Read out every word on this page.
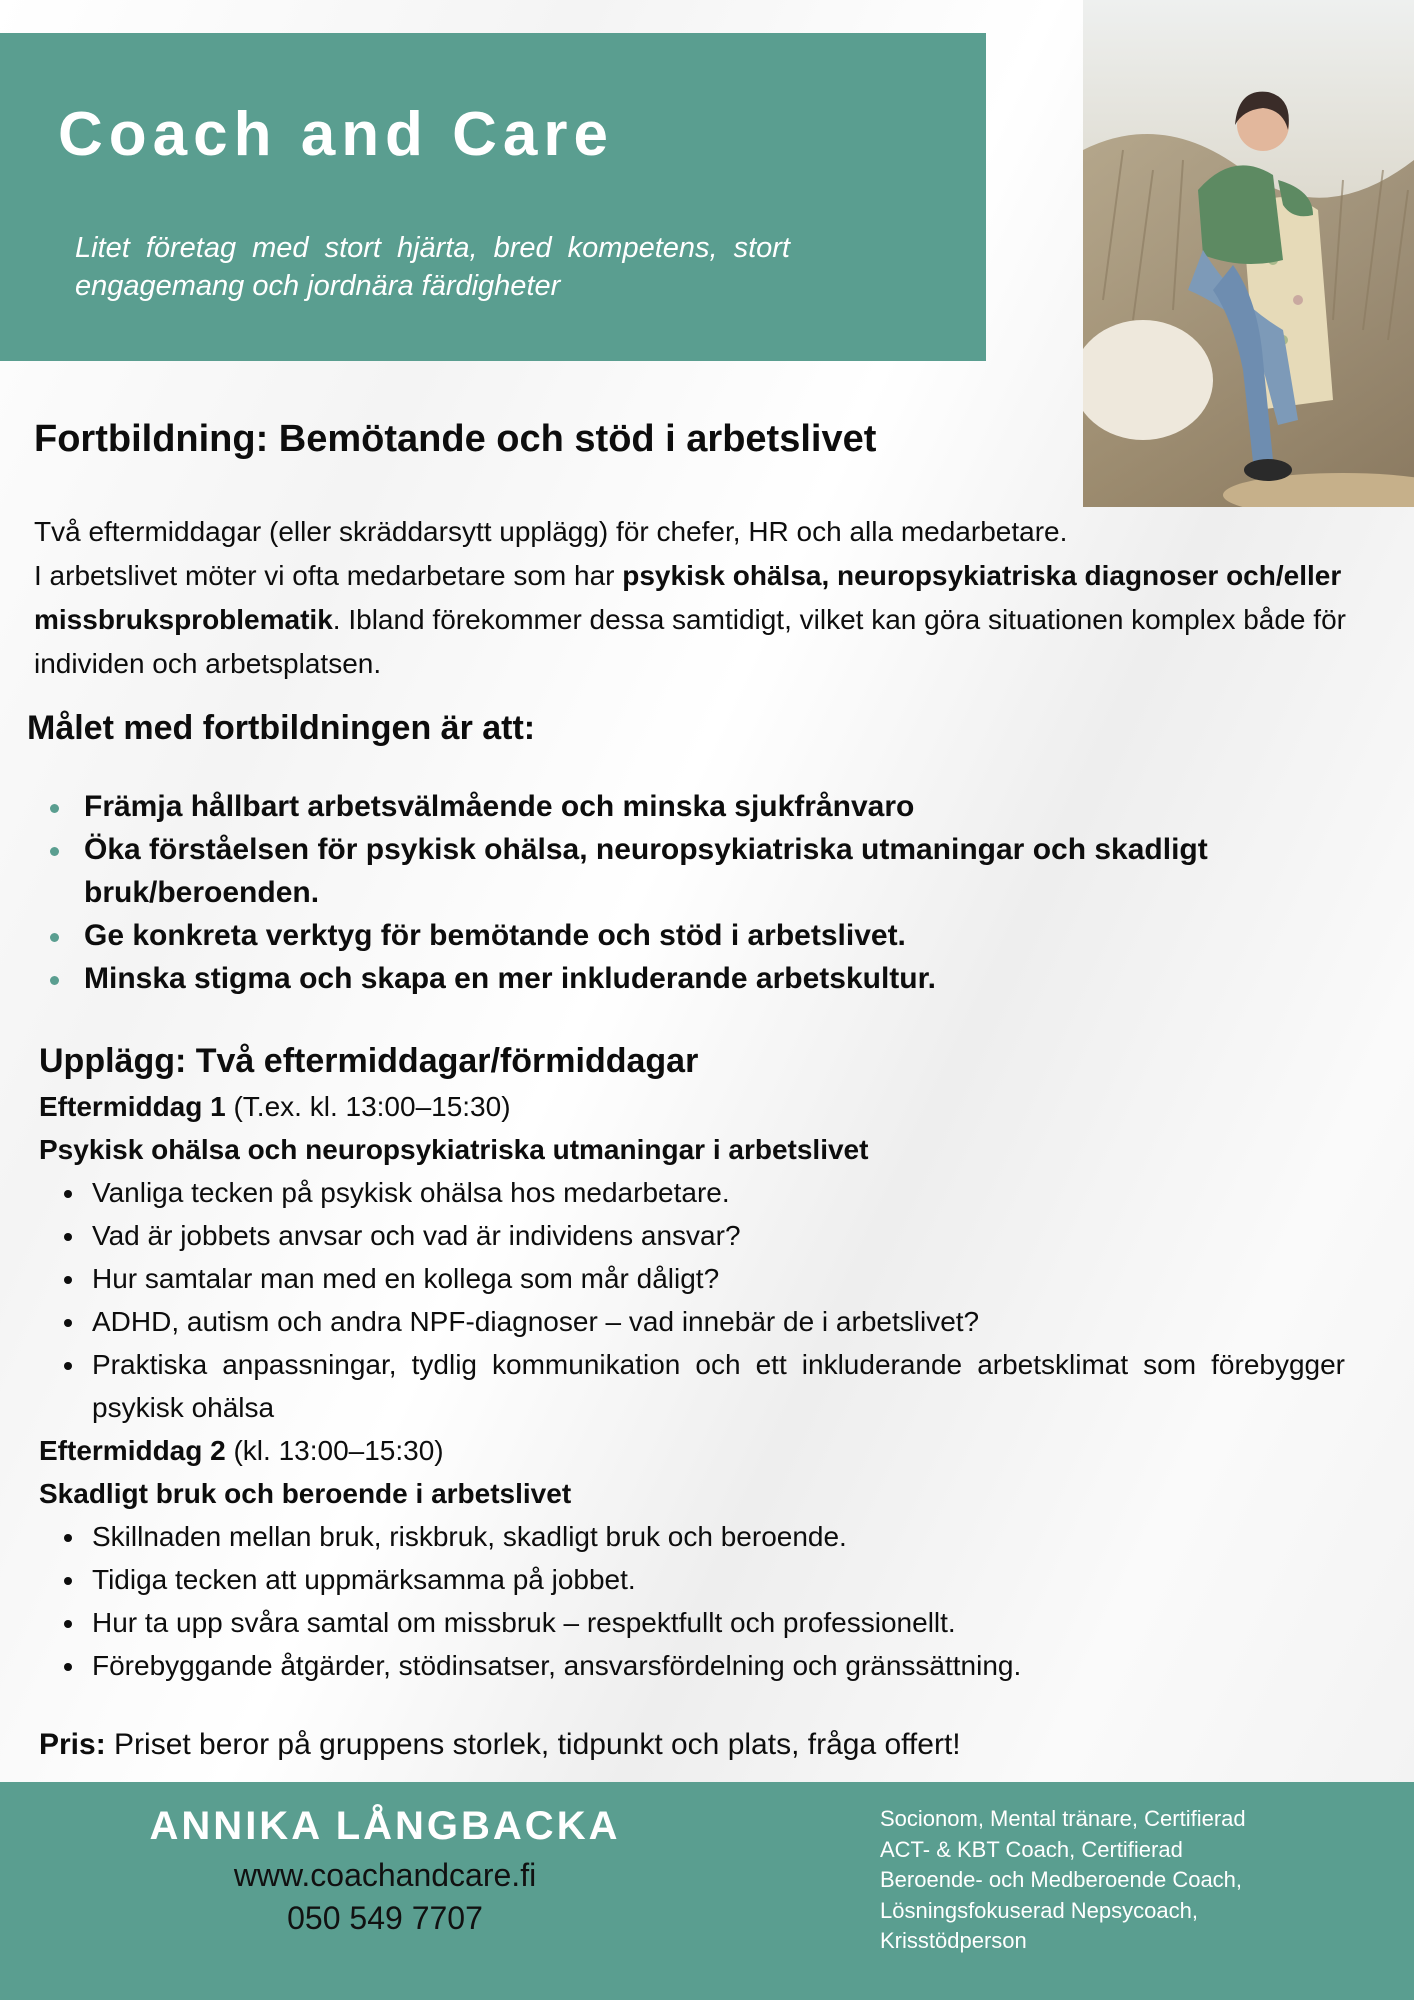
Coach and Care

Litet företag med stort hjärta, bred kompetens, stort engagemang och jordnära färdigheter

Fortbildning: Bemötande och stöd i arbetslivet

Två eftermiddagar (eller skräddarsytt upplägg) för chefer, HR och alla medarbetare.
I arbetslivet möter vi ofta medarbetare som har psykisk ohälsa, neuropsykiatriska diagnoser och/eller missbruksproblematik. Ibland förekommer dessa samtidigt, vilket kan göra situationen komplex både för individen och arbetsplatsen.

Målet med fortbildningen är att:
Främja hållbart arbetsvälmående och minska sjukfrånvaro
Öka förståelsen för psykisk ohälsa, neuropsykiatriska utmaningar och skadligt bruk/beroenden.
Ge konkreta verktyg för bemötande och stöd i arbetslivet.
Minska stigma och skapa en mer inkluderande arbetskultur.
Upplägg: Två eftermiddagar/förmiddagar
Eftermiddag 1 (T.ex. kl. 13:00–15:30)
Psykisk ohälsa och neuropsykiatriska utmaningar i arbetslivet
Vanliga tecken på psykisk ohälsa hos medarbetare.
Vad är jobbets anvsar och vad är individens ansvar?
Hur samtalar man med en kollega som mår dåligt?
ADHD, autism och andra NPF-diagnoser – vad innebär de i arbetslivet?
Praktiska anpassningar, tydlig kommunikation och ett inkluderande arbetsklimat som förebygger psykisk ohälsa
Eftermiddag 2 (kl. 13:00–15:30)
Skadligt bruk och beroende i arbetslivet
Skillnaden mellan bruk, riskbruk, skadligt bruk och beroende.
Tidiga tecken att uppmärksamma på jobbet.
Hur ta upp svåra samtal om missbruk – respektfullt och professionellt.
Förebyggande åtgärder, stödinsatser, ansvarsfördelning och gränssättning.
Pris: Priset beror på gruppens storlek, tidpunkt och plats, fråga offert!
ANNIKA LÅNGBACKA
www.coachandcare.fi
050 549 7707
Socionom, Mental tränare, Certifierad
ACT- & KBT Coach, Certifierad
Beroende- och Medberoende Coach,
Lösningsfokuserad Nepsycoach,
Krisstödperson
